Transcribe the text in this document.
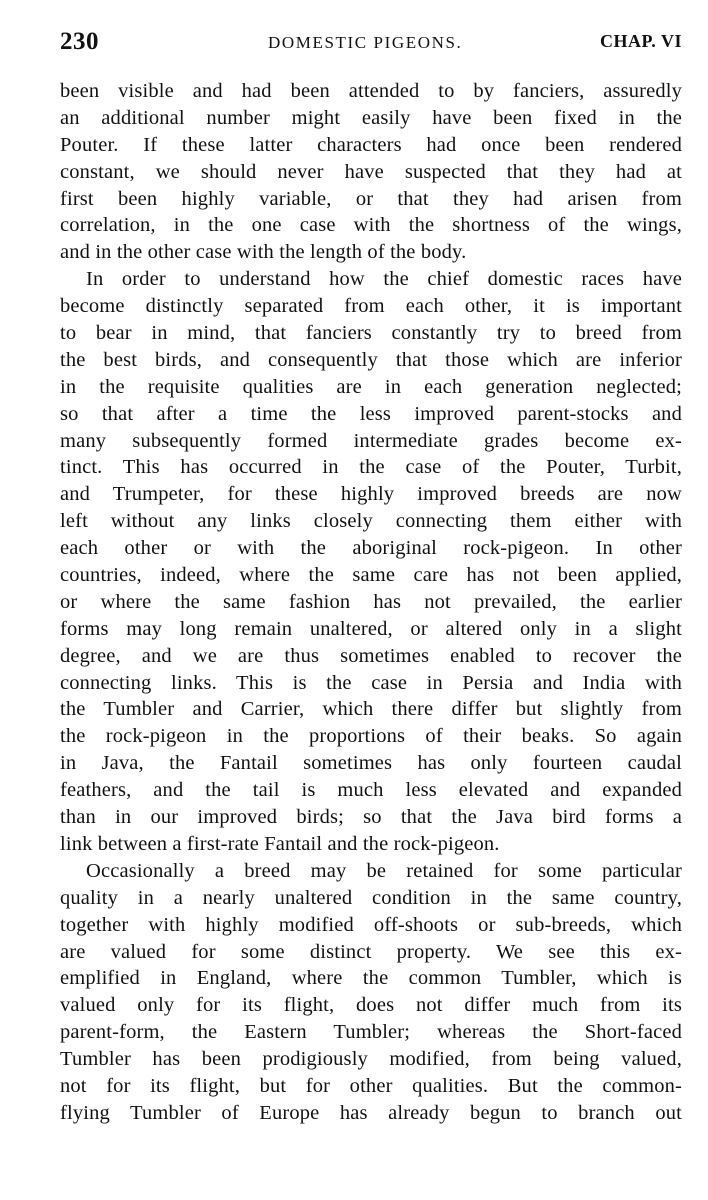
230	DOMESTIC PIGEONS.	CHAP. VI
been visible and had been attended to by fanciers, assuredly
an additional number might easily have been fixed in the
Pouter. If these latter characters had once been rendered
constant, we should never have suspected that they had at
first been highly variable, or that they had arisen from
correlation, in the one case with the shortness of the wings,
and in the other case with the length of the body.
In order to understand how the chief domestic races have
become distinctly separated from each other, it is important
to bear in mind, that fanciers constantly try to breed from
the best birds, and consequently that those which are inferior
in the requisite qualities are in each generation neglected;
so that after a time the less improved parent-stocks and
many subsequently formed intermediate grades become ex-
tinct. This has occurred in the case of the Pouter, Turbit,
and Trumpeter, for these highly improved breeds are now
left without any links closely connecting them either with
each other or with the aboriginal rock-pigeon. In other
countries, indeed, where the same care has not been applied,
or where the same fashion has not prevailed, the earlier
forms may long remain unaltered, or altered only in a slight
degree, and we are thus sometimes enabled to recover the
connecting links. This is the case in Persia and India with
the Tumbler and Carrier, which there differ but slightly from
the rock-pigeon in the proportions of their beaks. So again
in Java, the Fantail sometimes has only fourteen caudal
feathers, and the tail is much less elevated and expanded
than in our improved birds; so that the Java bird forms a
link between a first-rate Fantail and the rock-pigeon.
Occasionally a breed may be retained for some particular
quality in a nearly unaltered condition in the same country,
together with highly modified off-shoots or sub-breeds, which
are valued for some distinct property. We see this ex-
emplified in England, where the common Tumbler, which is
valued only for its flight, does not differ much from its
parent-form, the Eastern Tumbler; whereas the Short-faced
Tumbler has been prodigiously modified, from being valued,
not for its flight, but for other qualities. But the common-
flying Tumbler of Europe has already begun to branch out
